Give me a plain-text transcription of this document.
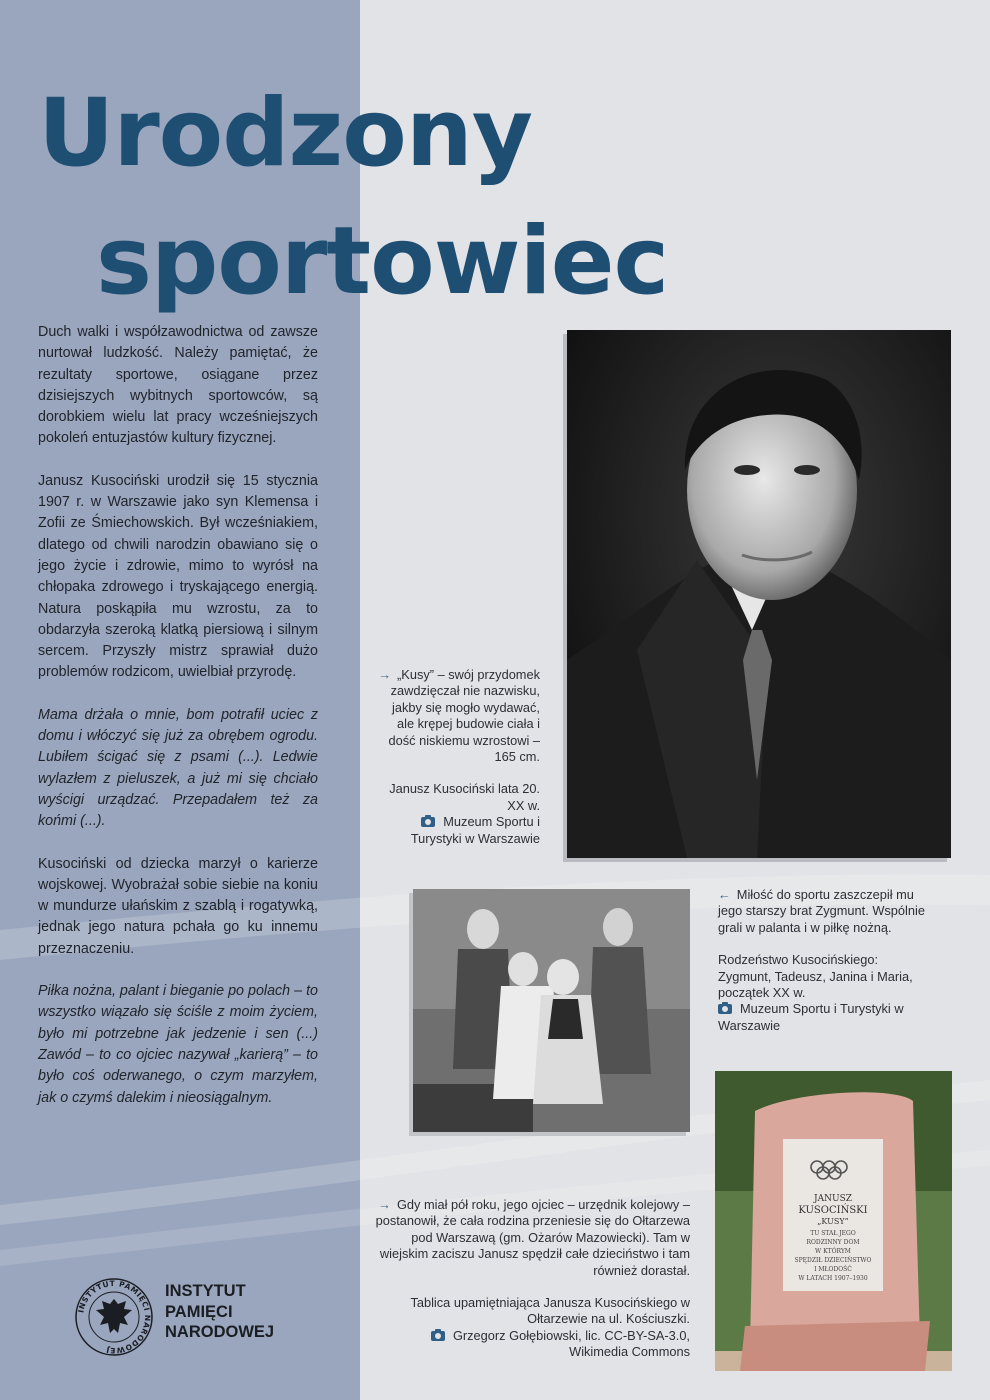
Urodzony
sportowiec

Duch walki i współzawodnictwa od zawsze nurtował ludzkość. Należy pamiętać, że rezultaty sportowe, osiągane przez dzisiejszych wybitnych sportowców, są dorobkiem wielu lat pracy wcześniejszych pokoleń entuzjastów kultury fizycznej.

Janusz Kusociński urodził się 15 stycznia 1907 r. w Warszawie jako syn Klemensa i Zofii ze Śmiechowskich. Był wcześniakiem, dlatego od chwili narodzin obawiano się o jego życie i zdrowie, mimo to wyrósł na chłopaka zdrowego i tryskającego energią. Natura poskąpiła mu wzrostu, za to obdarzyła szeroką klatką piersiową i silnym sercem. Przyszły mistrz sprawiał dużo problemów rodzicom, uwielbiał przyrodę.

Mama drżała o mnie, bom potrafił uciec z domu i włóczyć się już za obrębem ogrodu. Lubiłem ścigać się z psami (...). Ledwie wylazłem z pieluszek, a już mi się chciało wyścigi urządzać. Przepadałem też za końmi (...).

Kusociński od dziecka marzył o karierze wojskowej. Wyobrażał sobie siebie na koniu w mundurze ułańskim z szablą i rogatywką, jednak jego natura pchała go ku innemu przeznaczeniu.

Piłka nożna, palant i bieganie po polach – to wszystko wiązało się ściśle z moim życiem, było mi potrzebne jak jedzenie i sen (...) Zawód – to co ojciec nazywał „karierą” – to było coś oderwanego, o czym marzyłem, jak o czymś dalekim i nieosiągalnym.

JANUSZ
KUSOCIŃSKI
„KUSY”
TU STAŁ JEGO
RODZINNY DOM
W KTÓRYM
SPĘDZIŁ DZIECIŃSTWO
I MŁODOŚĆ
W LATACH 1907–1930

→ „Kusy” – swój przydomek zawdzięczał nie nazwisku, jakby się mogło wydawać, ale krępej budowie ciała i dość niskiemu wzrostowi – 165 cm.

Janusz Kusociński lata 20. XX w.
Muzeum Sportu i Turystyki w Warszawie

← Miłość do sportu zaszczepił mu jego starszy brat Zygmunt. Wspólnie grali w palanta i w piłkę nożną.

Rodzeństwo Kusocińskiego: Zygmunt, Tadeusz, Janina i Maria, początek XX w.
Muzeum Sportu i Turystyki w Warszawie

→ Gdy miał pół roku, jego ojciec – urzędnik kolejowy – postanowił, że cała rodzina przeniesie się do Ołtarzewa pod Warszawą (gm. Ożarów Mazowiecki). Tam w wiejskim zaciszu Janusz spędził całe dzieciństwo i tam również dorastał.

Tablica upamiętniająca Janusza Kusocińskiego w Ołtarzewie na ul. Kościuszki.
Grzegorz Gołębiowski, lic. CC-BY-SA-3.0, Wikimedia Commons
INSTYTUT PAMIĘCI NARODOWEJ
INSTYTUT
PAMIĘCI
NARODOWEJ
